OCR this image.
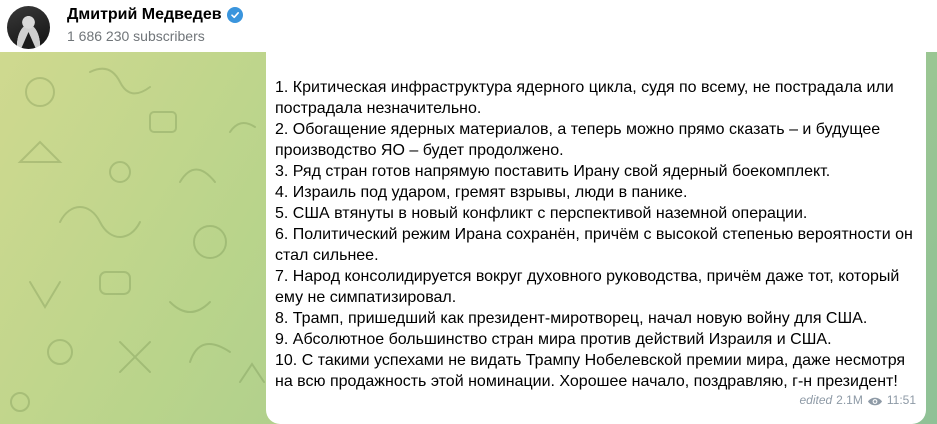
Дмитрий Медведев
1 686 230 subscribers

1. Критическая инфраструктура ядерного цикла, судя по всему, не пострадала или пострадала незначительно.

2. Обогащение ядерных материалов, а теперь можно прямо сказать – и будущее производство ЯО – будет продолжено.

3. Ряд стран готов напрямую поставить Ирану свой ядерный боекомплект.

4. Израиль под ударом, гремят взрывы, люди в панике.

5. США втянуты в новый конфликт с перспективой наземной операции.

6. Политический режим Ирана сохранён, причём с высокой степенью вероятности он стал сильнее.

7. Народ консолидируется вокруг духовного руководства, причём даже тот, который ему не симпатизировал.

8. Трамп, пришедший как президент-миротворец, начал новую войну для США.

9. Абсолютное большинство стран мира против действий Израиля и США.

10. С такими успехами не видать Трампу Нобелевской премии мира, даже несмотря на всю продажность этой номинации. Хорошее начало, поздравляю, г-н президент!

edited 2.1M 11:51
